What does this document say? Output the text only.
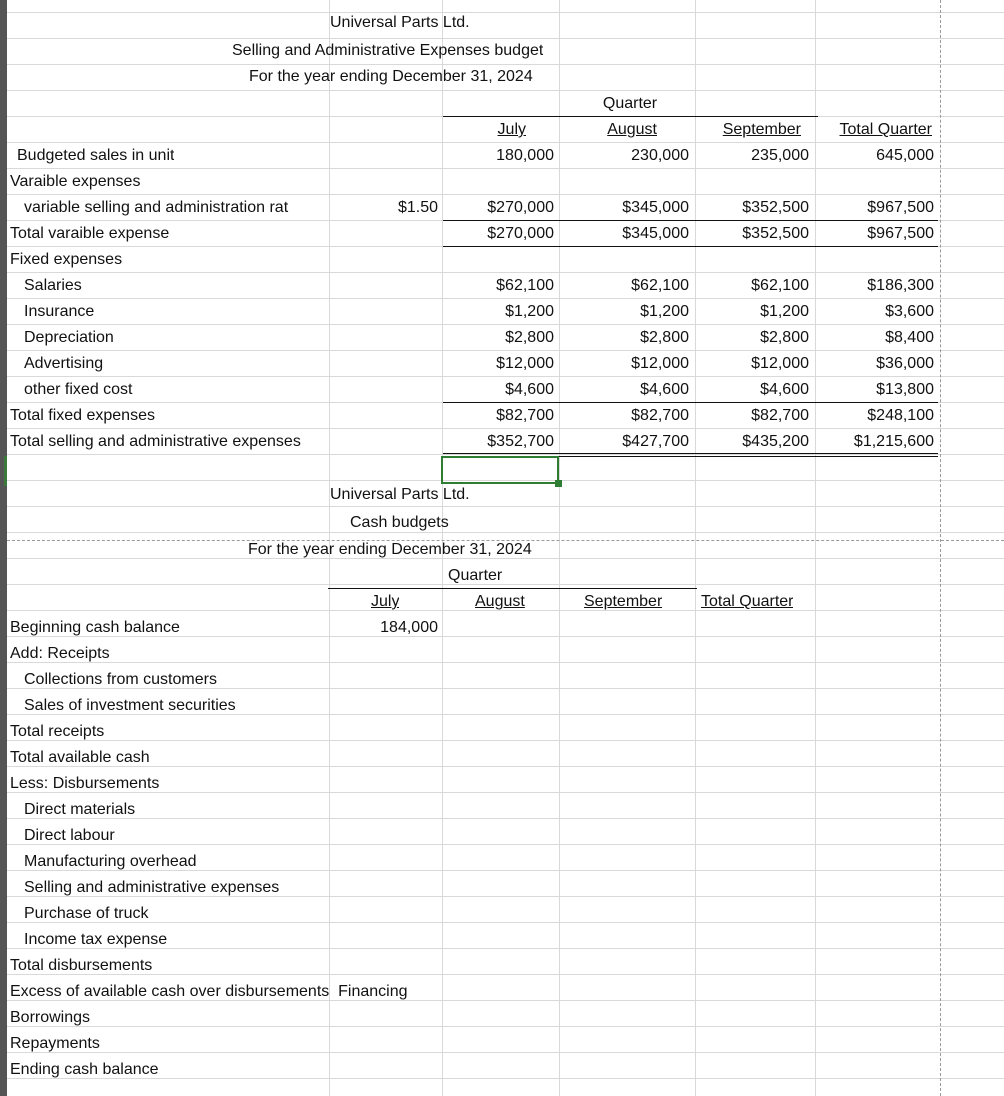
Universal Parts Ltd.
Selling and Administrative Expenses budget
For the year ending December 31, 2024
Quarter
July	August	September	Total Quarter
Budgeted sales in unit	180,000	230,000	235,000	645,000
Varaible expenses
variable selling and administration rat	$1.50	$270,000	$345,000	$352,500	$967,500
Total varaible expense	$270,000	$345,000	$352,500	$967,500
Fixed expenses
Salaries	$62,100	$62,100	$62,100	$186,300
Insurance	$1,200	$1,200	$1,200	$3,600
Depreciation	$2,800	$2,800	$2,800	$8,400
Advertising	$12,000	$12,000	$12,000	$36,000
other fixed cost	$4,600	$4,600	$4,600	$13,800
Total fixed expenses	$82,700	$82,700	$82,700	$248,100
Total selling and administrative expenses	$352,700	$427,700	$435,200	$1,215,600
Universal Parts Ltd.
Cash budgets
For the year ending December 31, 2024
Quarter
July	August	September Total Quarter
Beginning cash balance	184,000
Add: Receipts
Collections from customers
Sales of investment securities
Total receipts
Total available cash
Less: Disbursements
Direct materials
Direct labour
Manufacturing overhead
Selling and administrative expenses
Purchase of truck
Income tax expense
Total disbursements
Excess of available cash over disbursements  Financing
Borrowings
Repayments
Ending cash balance
